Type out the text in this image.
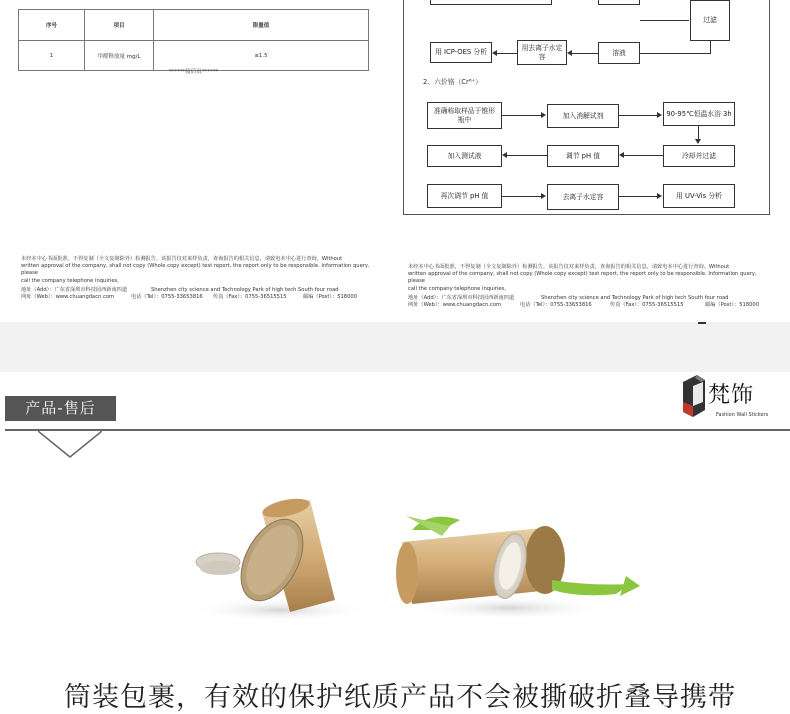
序号	项目	限量值
1	甲醛释放量 mg/L	≤1.5
******接后页******

未经本中心书面批准，不得复制（全文复制除外）检测报告。该报告仅对来样负责，查询报告的相关信息，请致电本中心进行查询。Without

written approval of the company, shall not copy (Whole copy except) test report, the report only to be responsible. Information query, please

call the company telephone inquiries。

地址（Add）：广东省深圳市科技园西新南四道	Shenzhen city science and Technology Park of high tech South four road
网址（Web）：www.chuangdacn.com	电话（Tel）：0755-33653816	传真（Fax）：0755-36515515	邮编（Post）：518000
过滤
溶液
用去离子水定容
用 ICP-OES 分析
2、六价铬（Cr⁶⁺）
准确称取样品于锥形瓶中	加入消解试剂	90-95℃恒温水浴 3h
冷却并过滤
调节 pH 值
加入测试液
再次调节 pH 值	去离子水定容	用 UV-Vis 分析

未经本中心书面批准，不得复制（全文复制除外）检测报告。该报告仅对来样负责，查询报告的相关信息，请致电本中心进行查询。Without

written approval of the company, shall not copy (Whole copy except) test report, the report only to be responsible. Information query, please

call the company telephone inquiries。

地址（Add）：广东省深圳市科技园西新南四道	Shenzhen city science and Technology Park of high tech South four road
网址（Web）：www.chuangdacn.com	电话（Tel）：0755-33653816	传真（Fax）：0755-36515515	邮编（Post）：518000
产品-售后	梵饰
Fashion Wall Stickers
筒装包裹，有效的保护纸质产品不会被撕破折叠导携带
